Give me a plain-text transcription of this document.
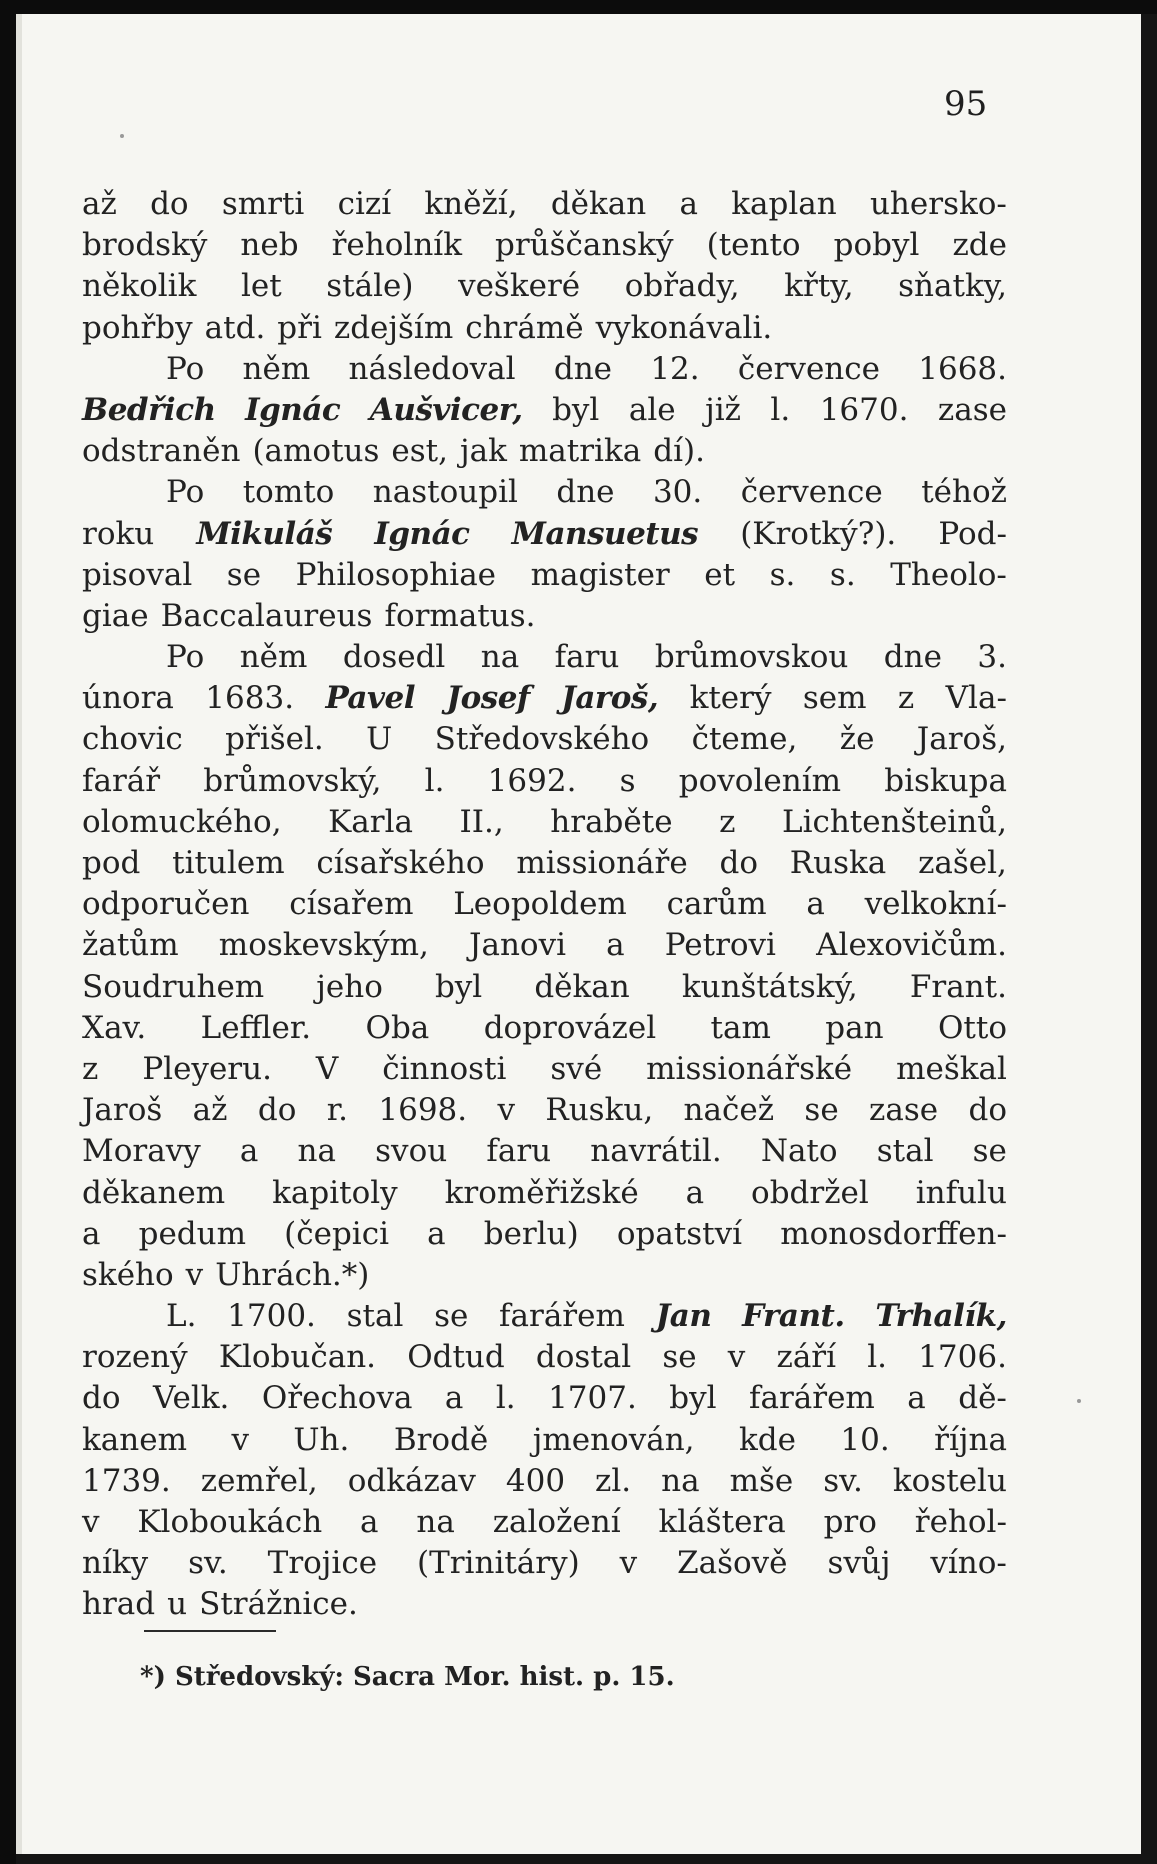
95
až do smrti cizí kněží, děkan a kaplan uhersko-
brodský neb řeholník průščanský (tento pobyl zde
několik let stále) veškeré obřady, křty, sňatky,
pohřby atd. při zdejším chrámě vykonávali.
Po něm následoval dne 12. července 1668.
Bedřich Ignác Aušvicer, byl ale již l. 1670. zase
odstraněn (amotus est, jak matrika dí).
Po tomto nastoupil dne 30. července téhož
roku Mikuláš Ignác Mansuetus (Krotký?). Pod-
pisoval se Philosophiae magister et s. s. Theolo-
giae Baccalaureus formatus.
Po něm dosedl na faru brůmovskou dne 3.
února 1683. Pavel Josef Jaroš, který sem z Vla-
chovic přišel. U Středovského čteme, že Jaroš,
farář brůmovský, l. 1692. s povolením biskupa
olomuckého, Karla II., hraběte z Lichtenšteinů,
pod titulem císařského missionáře do Ruska zašel,
odporučen císařem Leopoldem carům a velkokní-
žatům moskevským, Janovi a Petrovi Alexovičům.
Soudruhem jeho byl děkan kunštátský, Frant.
Xav. Leffler. Oba doprovázel tam pan Otto
z Pleyeru. V činnosti své missionářské meškal
Jaroš až do r. 1698. v Rusku, načež se zase do
Moravy a na svou faru navrátil. Nato stal se
děkanem kapitoly kroměřižské a obdržel infulu
a pedum (čepici a berlu) opatství monosdorffen-
ského v Uhrách.*)
L. 1700. stal se farářem Jan Frant. Trhalík,
rozený Klobučan. Odtud dostal se v září l. 1706.
do Velk. Ořechova a l. 1707. byl farářem a dě-
kanem v Uh. Brodě jmenován, kde 10. října
1739. zemřel, odkázav 400 zl. na mše sv. kostelu
v Kloboukách a na založení kláštera pro řehol-
níky sv. Trojice (Trinitáry) v Zašově svůj víno-
hrad u Strážnice.
*) Středovský: Sacra Mor. hist. p. 15.
